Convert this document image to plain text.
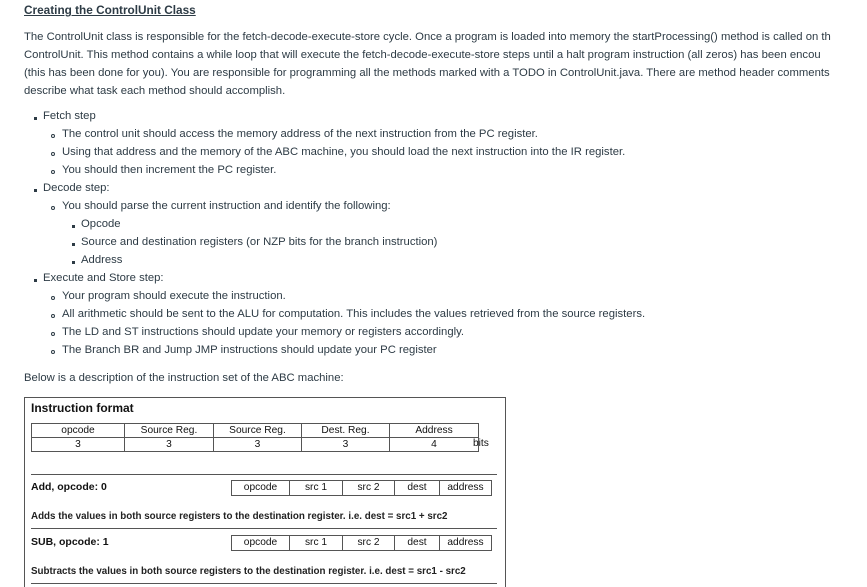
Creating the ControlUnit Class
The ControlUnit class is responsible for the fetch-decode-execute-store cycle. Once a program is loaded into memory the startProcessing() method is called on th
ControlUnit. This method contains a while loop that will execute the fetch-decode-execute-store steps until a halt program instruction (all zeros) has been encou
(this has been done for you). You are responsible for programming all the methods marked with a TODO in ControlUnit.java. There are method header comments
describe what task each method should accomplish.
Fetch step
The control unit should access the memory address of the next instruction from the PC register.
Using that address and the memory of the ABC machine, you should load the next instruction into the IR register.
You should then increment the PC register.
Decode step:
You should parse the current instruction and identify the following:
Opcode
Source and destination registers (or NZP bits for the branch instruction)
Address
Execute and Store step:
Your program should execute the instruction.
All arithmetic should be sent to the ALU for computation. This includes the values retrieved from the source registers.
The LD and ST instructions should update your memory or registers accordingly.
The Branch BR and Jump JMP instructions should update your PC register
Below is a description of the instruction set of the ABC machine:
Instruction format
opcode	Source Reg.	Source Reg.	Dest. Reg.	Address
3	3	3	3	4	bits
Add, opcode: 0	opcode	src 1	src 2	dest	address
Adds the values in both source registers to the destination register. i.e. dest = src1 + src2
SUB, opcode: 1	opcode	src 1	src 2	dest	address
Subtracts the values in both source registers to the destination register. i.e. dest = src1 - src2
